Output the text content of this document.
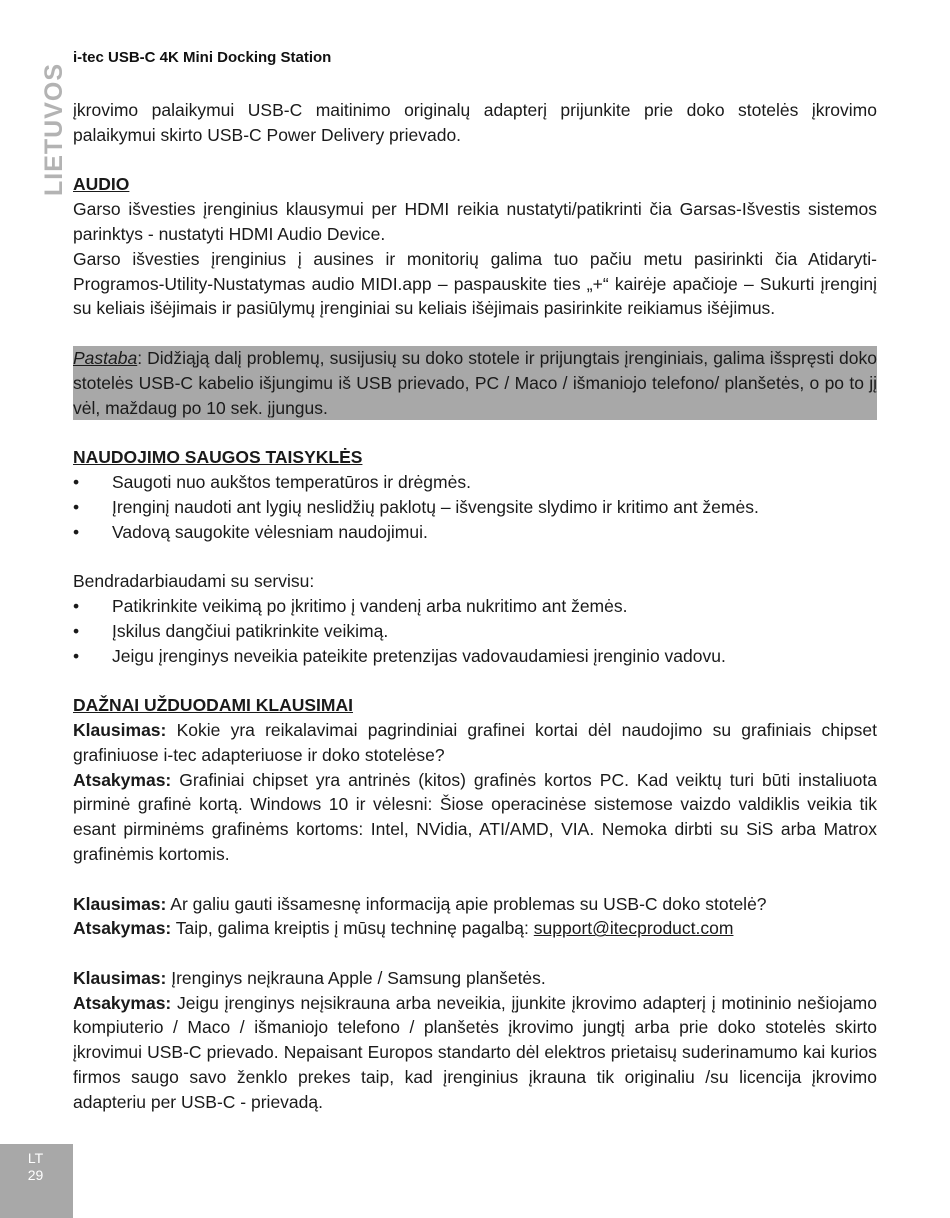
i-tec USB-C 4K Mini Docking Station
LIETUVOS įkrovimo palaikymui USB-C maitinimo originalų adapterį prijunkite prie doko stotelės įkrovimo palaikymui skirto USB-C Power Delivery prievado.

AUDIO

Garso išvesties įrenginius klausymui per HDMI reikia nustatyti/patikrinti čia Garsas-Išvestis sistemos parinktys - nustatyti HDMI Audio Device.

Garso išvesties įrenginius į ausines ir monitorių galima tuo pačiu metu pasirinkti čia Atidaryti-Programos-Utility-Nustatymas audio MIDI.app – paspauskite ties „+“ kairėje apačioje – Sukurti įrenginį su keliais išėjimais ir pasiūlymų įrenginiai su keliais išėjimais pasirinkite reikiamus išėjimus.

Pastaba: Didžiąją dalį problemų, susijusių su doko stotele ir prijungtais įrenginiais, galima išspręsti doko stotelės USB-C kabelio išjungimu iš USB prievado, PC / Maco / išmaniojo telefono/ planšetės, o po to jį vėl, maždaug po 10 sek. įjungus.

NAUDOJIMO SAUGOS TAISYKLĖS

• Saugoti nuo aukštos temperatūros ir drėgmės.
• Įrenginį naudoti ant lygių neslidžių paklotų – išvengsite slydimo ir kritimo ant žemės.
• Vadovą saugokite vėlesniam naudojimui.

Bendradarbiaudami su servisu:

• Patikrinkite veikimą po įkritimo į vandenį arba nukritimo ant žemės.
• Įskilus dangčiui patikrinkite veikimą.
• Jeigu įrenginys neveikia pateikite pretenzijas vadovaudamiesi įrenginio vadovu.

DAŽNAI UŽDUODAMI KLAUSIMAI

Klausimas: Kokie yra reikalavimai pagrindiniai grafinei kortai dėl naudojimo su grafiniais chipset grafiniuose i-tec adapteriuose ir doko stotelėse?

Atsakymas: Grafiniai chipset yra antrinės (kitos) grafinės kortos PC. Kad veiktų turi būti instaliuota pirminė grafinė kortą. Windows 10 ir vėlesni: Šiose operacinėse sistemose vaizdo valdiklis veikia tik esant pirminėms grafinėms kortoms: Intel, NVidia, ATI/AMD, VIA. Nemoka dirbti su SiS arba Matrox grafinėmis kortomis.

Klausimas: Ar galiu gauti išsamesnę informaciją apie problemas su USB-C doko stotelė?

Atsakymas: Taip, galima kreiptis į mūsų techninę pagalbą: support@itecproduct.com

Klausimas: Įrenginys neįkrauna Apple / Samsung planšetės.

Atsakymas: Jeigu įrenginys neįsikrauna arba neveikia, įjunkite įkrovimo adapterį į motininio nešiojamo kompiuterio / Maco / išmaniojo telefono / planšetės įkrovimo jungtį arba prie doko stotelės skirto įkrovimui USB-C prievado. Nepaisant Europos standarto dėl elektros prietaisų suderinamumo kai kurios firmos saugo savo ženklo prekes taip, kad įrenginius įkrauna tik originaliu /su licencija įkrovimo adapteriu per USB-C - prievadą.

LT
29
